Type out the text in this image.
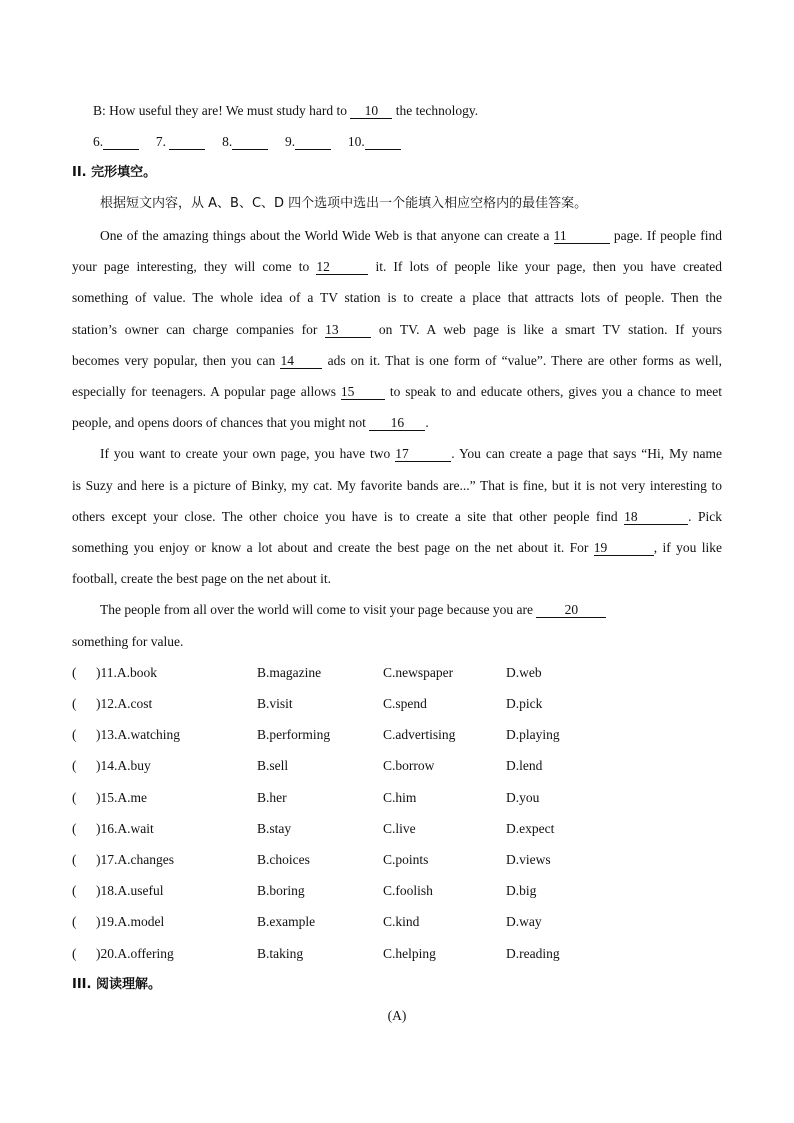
B: How useful they are! We must study hard to 10 the technology.
6.	7.	8.	9.	10.
II. 完形填空。
根据短文内容，从 A、B、C、D 四个选项中选出一个能填入相应空格内的最佳答案。
One of the amazing things about the World Wide Web is that anyone can create a 11	page. If people find
your page interesting, they will come to 12	it. If lots of people like your page, then you have created
something of value. The whole idea of a TV station is to create a place that attracts lots of people. Then the
station’s owner can charge companies for 13	on TV. A web page is like a smart TV station. If yours
becomes very popular, then you can 14 ads on it. That is one form of “value”. There are other forms as well,
especially for teenagers. A popular page allows 15	to speak to and educate others, gives you a chance to meet
people, and opens doors of chances that you might not 16 .
If you want to create your own page, you have two 17	. You can create a page that says “Hi, My name
is Suzy and here is a picture of Binky, my cat. My favorite bands are...” That is fine, but it is not very interesting to
others except your close. The other choice you have is to create a site that other people find 18	. Pick
something you enjoy or know a lot about and create the best page on the net about it. For 19	, if you like
football, create the best page on the net about it.
The people from all over the world will come to visit your page because you are 20
something for value.
( )11.A.book	B.magazine	C.newspaper	D.web
( )12.A.cost	B.visit	C.spend	D.pick
( )13.A.watching	B.performing	C.advertising	D.playing
( )14.A.buy	B.sell	C.borrow	D.lend
( )15.A.me	B.her	C.him	D.you
( )16.A.wait	B.stay	C.live	D.expect
( )17.A.changes	B.choices	C.points	D.views
( )18.A.useful	B.boring	C.foolish	D.big
( )19.A.model	B.example	C.kind	D.way
( )20.A.offering	B.taking	C.helping	D.reading
III. 阅读理解。
(A)
